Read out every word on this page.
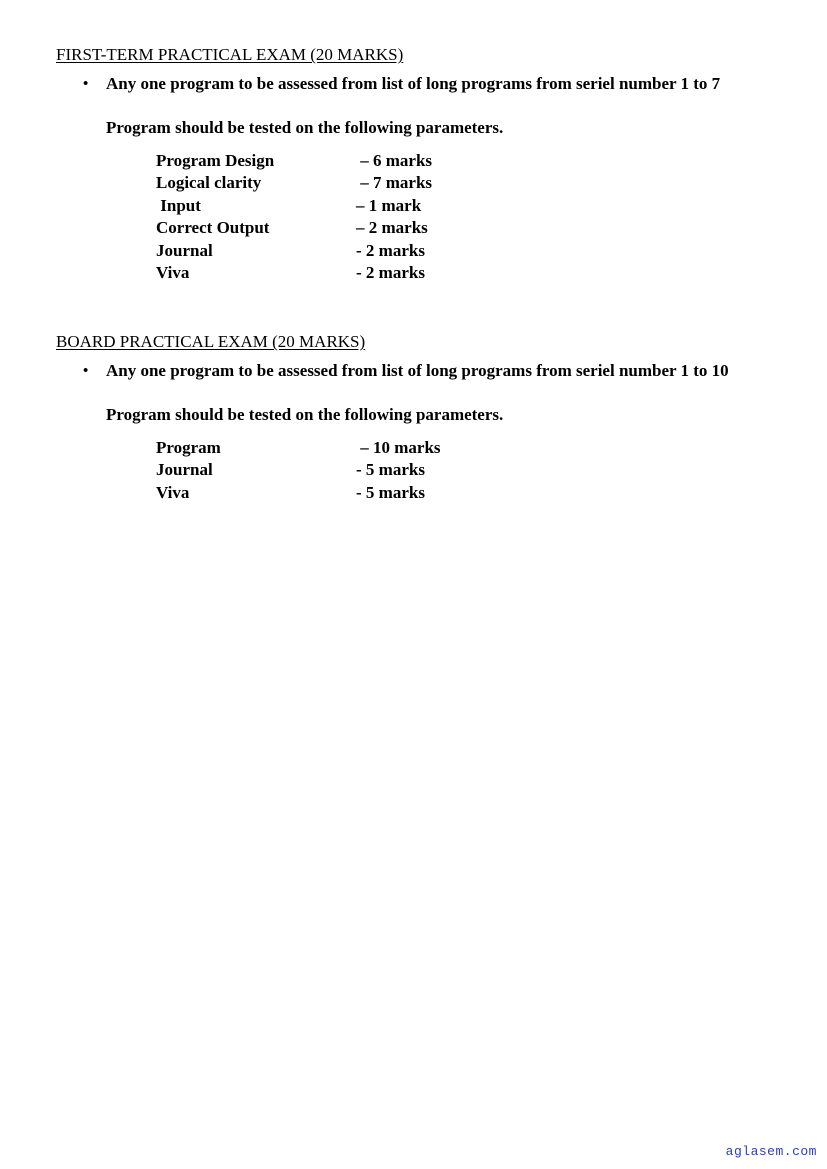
FIRST-TERM PRACTICAL EXAM (20 MARKS)
• Any one program to be assessed from list of long programs from seriel number 1 to 7
Program should be tested on the following parameters.
Program Design	– 6 marks
Logical clarity	– 7 marks
Input	– 1 mark
Correct Output	– 2 marks
Journal	- 2 marks
Viva	- 2 marks
BOARD PRACTICAL EXAM (20 MARKS)
• Any one program to be assessed from list of long programs from seriel number 1 to 10
Program should be tested on the following parameters.
Program	– 10 marks
Journal	- 5 marks
Viva	- 5 marks
aglasem.com
